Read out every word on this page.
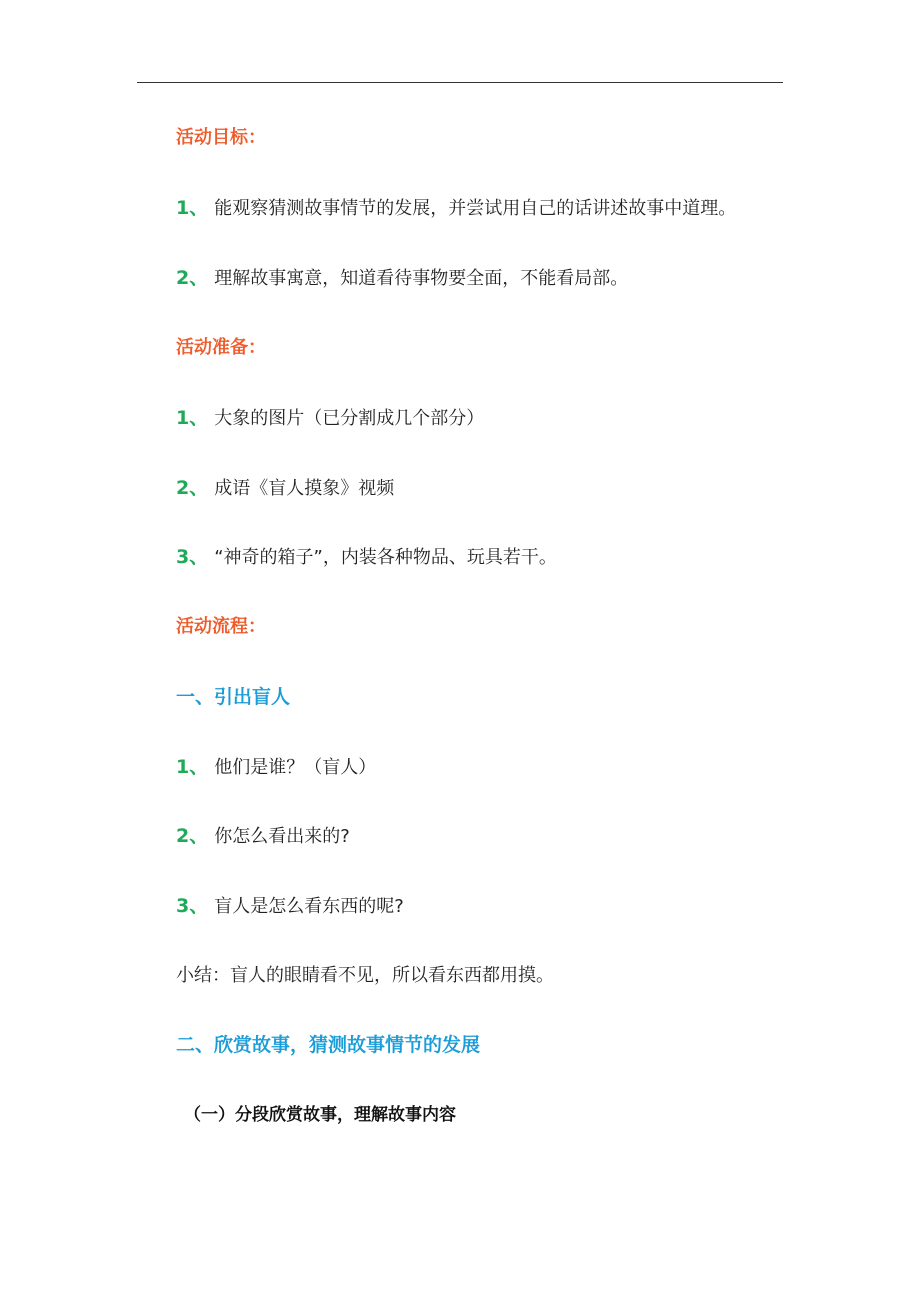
活动目标：
1、 能观察猜测故事情节的发展，并尝试用自己的话讲述故事中道理。
2、 理解故事寓意，知道看待事物要全面，不能看局部。
活动准备：
1、 大象的图片（已分割成几个部分）
2、 成语《盲人摸象》视频
3、 “神奇的箱子”，内装各种物品、玩具若干。
活动流程：
一、引出盲人
1、 他们是谁？（盲人）
2、 你怎么看出来的?
3、 盲人是怎么看东西的呢?
小结：盲人的眼睛看不见，所以看东西都用摸。
二、欣赏故事，猜测故事情节的发展
（一）分段欣赏故事，理解故事内容
